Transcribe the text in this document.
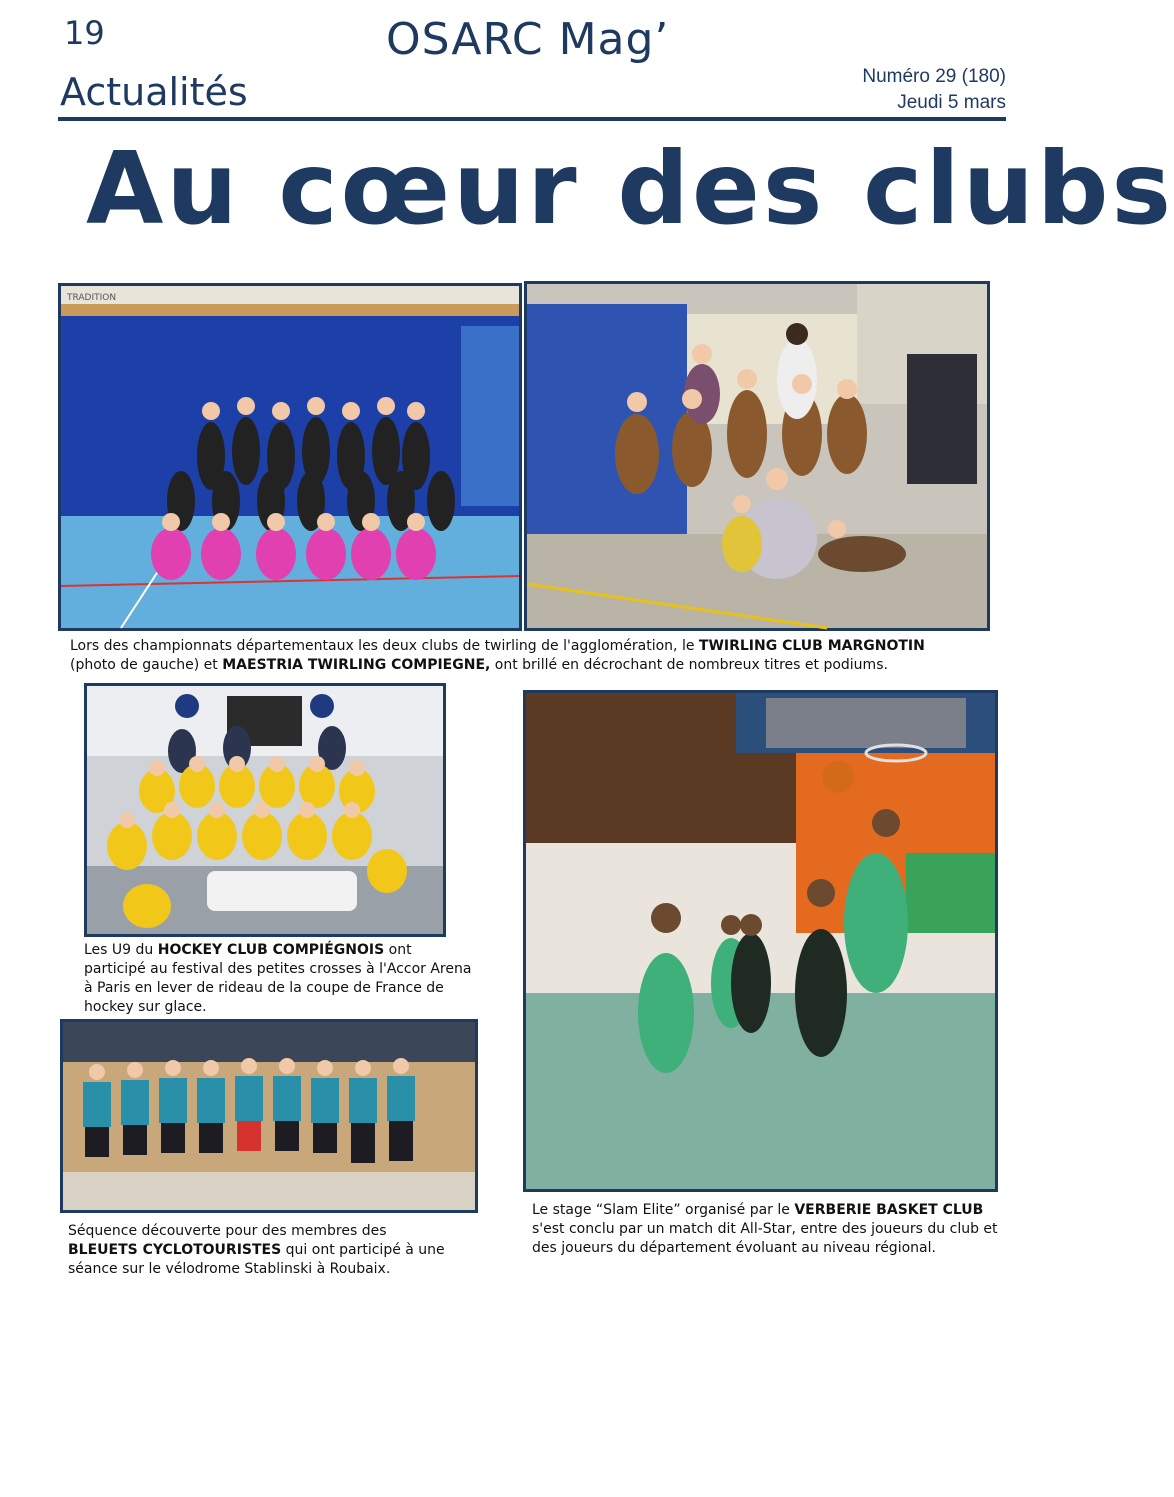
19	OSARC Mag’
Actualités	Numéro 29 (180)
Jeudi 5 mars
Au cœur des clubs
TRADITION
Lors des championnats départementaux les deux clubs de twirling de l'agglomération, le TWIRLING CLUB MARGNOTIN (photo de gauche) et MAESTRIA TWIRLING COMPIEGNE, ont brillé en décrochant de nombreux titres et podiums.
Les U9 du HOCKEY CLUB COMPIÉGNOIS ont participé au festival des petites crosses à l'Accor Arena à Paris en lever de rideau de la coupe de France de hockey sur glace.
Séquence découverte pour des membres des BLEUETS CYCLOTOURISTES qui ont participé à une séance sur le vélodrome Stablinski à Roubaix.
Le stage “Slam Elite” organisé par le VERBERIE BASKET CLUB s'est conclu par un match dit All-Star, entre des joueurs du club et des joueurs du département évoluant au niveau régional.
